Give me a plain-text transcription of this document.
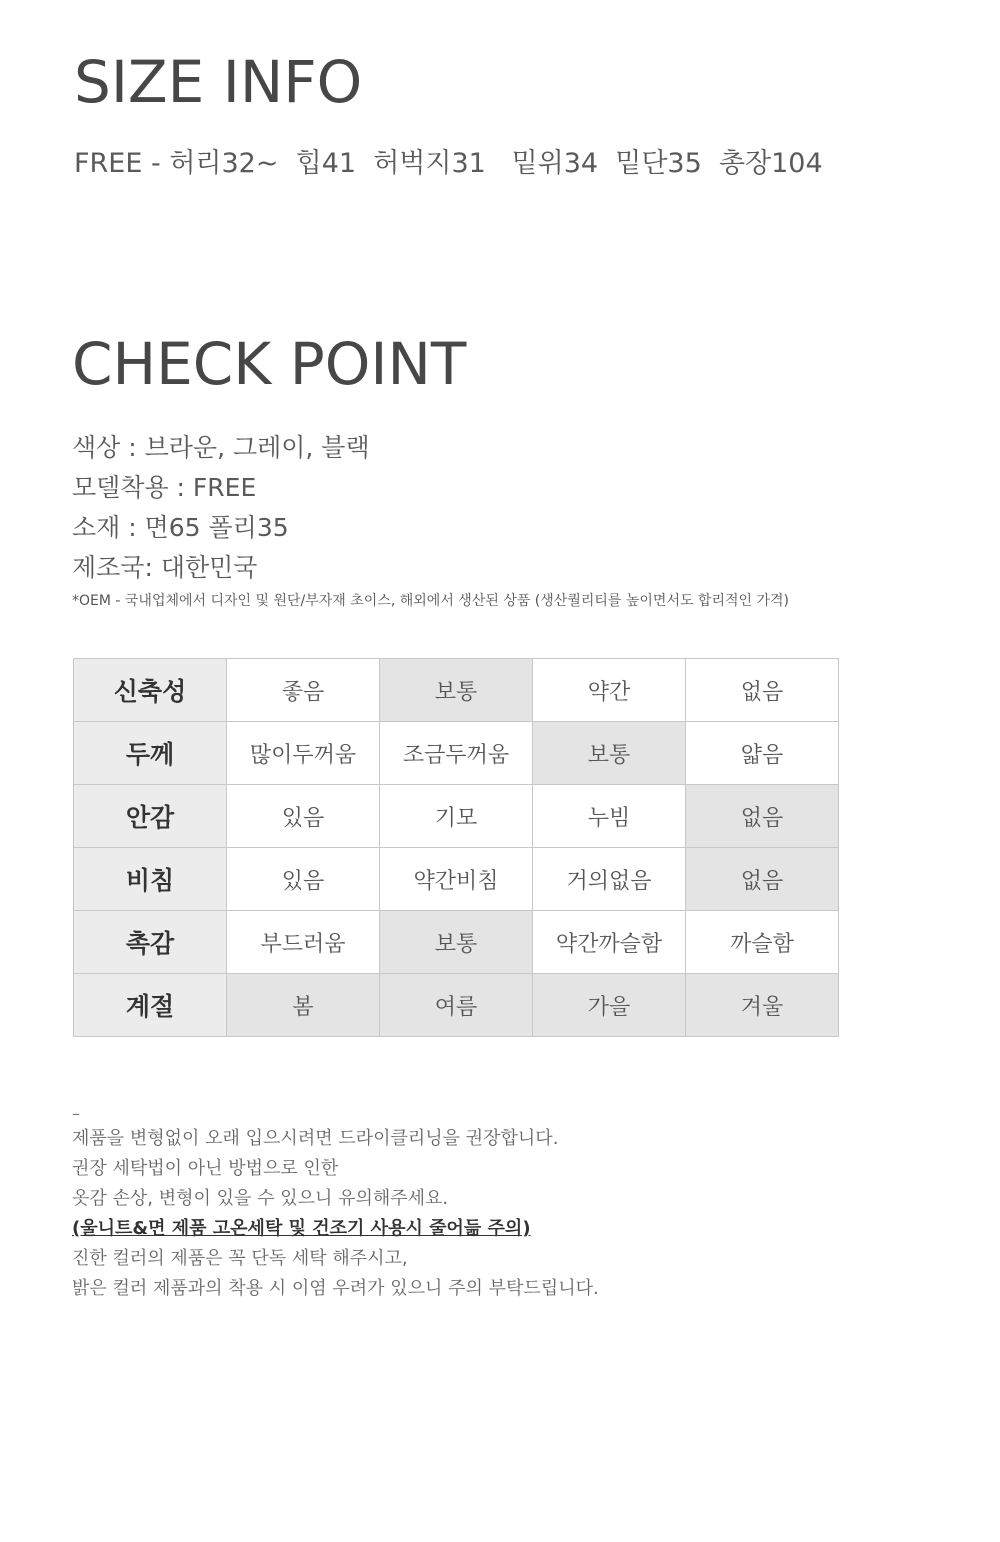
SIZE INFO
FREE - 허리32~  힙41  허벅지31   밑위34  밑단35  총장104
CHECK POINT
색상 : 브라운, 그레이, 블랙
모델착용 : FREE
소재 : 면65 폴리35
제조국: 대한민국
*OEM - 국내업체에서 디자인 및 원단/부자재 초이스, 해외에서 생산된 상품 (생산퀄리티를 높이면서도 합리적인 가격)
신축성	좋음	보통	약간	없음
두께	많이두꺼움	조금두꺼움	보통	얇음
안감	있음	기모	누빔	없음
비침	있음	약간비침	거의없음	없음
촉감	부드러움	보통	약간까슬함	까슬함
계절	봄	여름	가을	겨울
–
제품을 변형없이 오래 입으시려면 드라이클리닝을 권장합니다.
권장 세탁법이 아닌 방법으로 인한
옷감 손상, 변형이 있을 수 있으니 유의해주세요.
(울니트&면 제품 고온세탁 및 건조기 사용시 줄어듦 주의)
진한 컬러의 제품은 꼭 단독 세탁 해주시고,
밝은 컬러 제품과의 착용 시 이염 우려가 있으니 주의 부탁드립니다.
